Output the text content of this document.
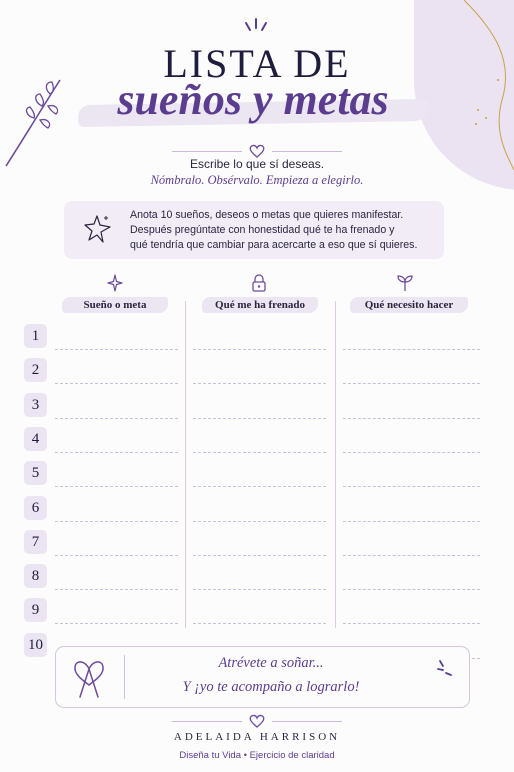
LISTA DE
sueños y metas
Escribe lo que sí deseas.
Nómbralo. Obsérvalo. Empieza a elegirlo.
Anota 10 sueños, deseos o metas que quieres manifestar.
Después pregúntate con honestidad qué te ha frenado y
qué tendría que cambiar para acercarte a eso que sí quieres.
Sueño o meta	Qué me ha frenado	Qué necesito hacer
1
2
3
4
5
6
7
8
9
10
Atrévete a soñar...
Y ¡yo te acompaño a lograrlo!
ADELAIDA HARRISON
Diseña tu Vida • Ejercicio de claridad
